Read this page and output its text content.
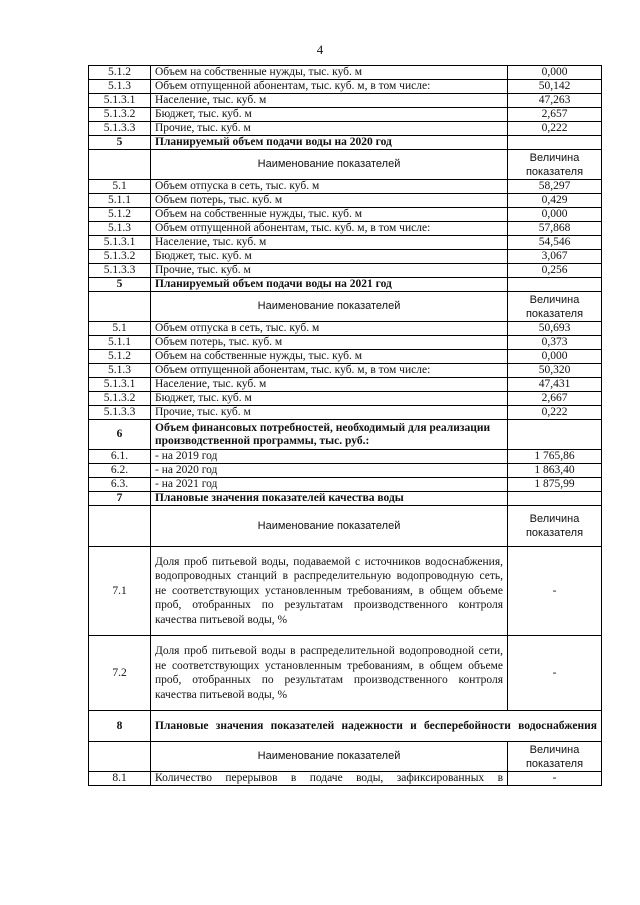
4
5.1.2	Объем на собственные нужды, тыс. куб. м	0,000
5.1.3	Объем отпущенной абонентам, тыс. куб. м, в том числе:	50,142
5.1.3.1	Население, тыс. куб. м	47,263
5.1.3.2	Бюджет, тыс. куб. м	2,657
5.1.3.3	Прочие, тыс. куб. м	0,222
5	Планируемый объем подачи воды на 2020 год	
	Наименование показателей	Величина показателя
5.1	Объем отпуска в сеть, тыс. куб. м	58,297
5.1.1	Объем потерь, тыс. куб. м	0,429
5.1.2	Объем на собственные нужды, тыс. куб. м	0,000
5.1.3	Объем отпущенной абонентам, тыс. куб. м, в том числе:	57,868
5.1.3.1	Население, тыс. куб. м	54,546
5.1.3.2	Бюджет, тыс. куб. м	3,067
5.1.3.3	Прочие, тыс. куб. м	0,256
5	Планируемый объем подачи воды на 2021 год	
	Наименование показателей	Величина показателя
5.1	Объем отпуска в сеть, тыс. куб. м	50,693
5.1.1	Объем потерь, тыс. куб. м	0,373
5.1.2	Объем на собственные нужды, тыс. куб. м	0,000
5.1.3	Объем отпущенной абонентам, тыс. куб. м, в том числе:	50,320
5.1.3.1	Население, тыс. куб. м	47,431
5.1.3.2	Бюджет, тыс. куб. м	2,667
5.1.3.3	Прочие, тыс. куб. м	0,222
6	Объем финансовых потребностей, необходимый для реализации производственной программы, тыс. руб.:	
6.1.	- на 2019 год	1 765,86
6.2.	- на 2020 год	1 863,40
6.3.	- на 2021 год	1 875,99
7	Плановые значения показателей качества воды	
	Наименование показателей	Величина показателя
7.1	Доля проб питьевой воды, подаваемой с источников водоснабжения, водопроводных станций в распределительную водопроводную сеть, не соответствующих установленным требованиям, в общем объеме проб, отобранных по результатам производственного контроля качества питьевой воды, %	-
7.2	Доля проб питьевой воды в распределительной водопроводной сети, не соответствующих установленным требованиям, в общем объеме проб, отобранных по результатам производственного контроля качества питьевой воды, %	-
8	Плановые значения показателей надежности и бесперебойности водоснабжения	
	Наименование показателей	Величина показателя
8.1	Количество перерывов в подаче воды, зафиксированных в	-
